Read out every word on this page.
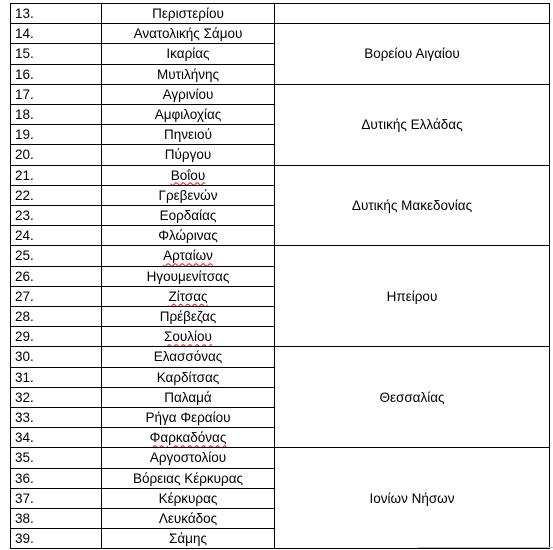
13.	Περιστερίου	
14.	Ανατολικής Σάμου	Βορείου Αιγαίου
15.	Ικαρίας	
16.	Μυτιλήνης	
17.	Αγρινίου	Δυτικής Ελλάδας
18.	Αμφιλοχίας	
19.	Πηνειού	
20.	Πύργου	
21.	Βοΐου	Δυτικής Μακεδονίας
22.	Γρεβενών	
23.	Εορδαίας	
24.	Φλώρινας	
25.	Αρταίων	Ηπείρου
26.	Ηγουμενίτσας	
27.	Ζίτσας	
28.	Πρέβεζας	
29.	Σουλίου	
30.	Ελασσόνας	Θεσσαλίας
31.	Καρδίτσας	
32.	Παλαμά	
33.	Ρήγα Φεραίου	
34.	Φαρκαδόνας	
35.	Αργοστολίου	Ιονίων Νήσων
36.	Βόρειας Κέρκυρας	
37.	Κέρκυρας	
38.	Λευκάδος	
39.	Σάμης	
